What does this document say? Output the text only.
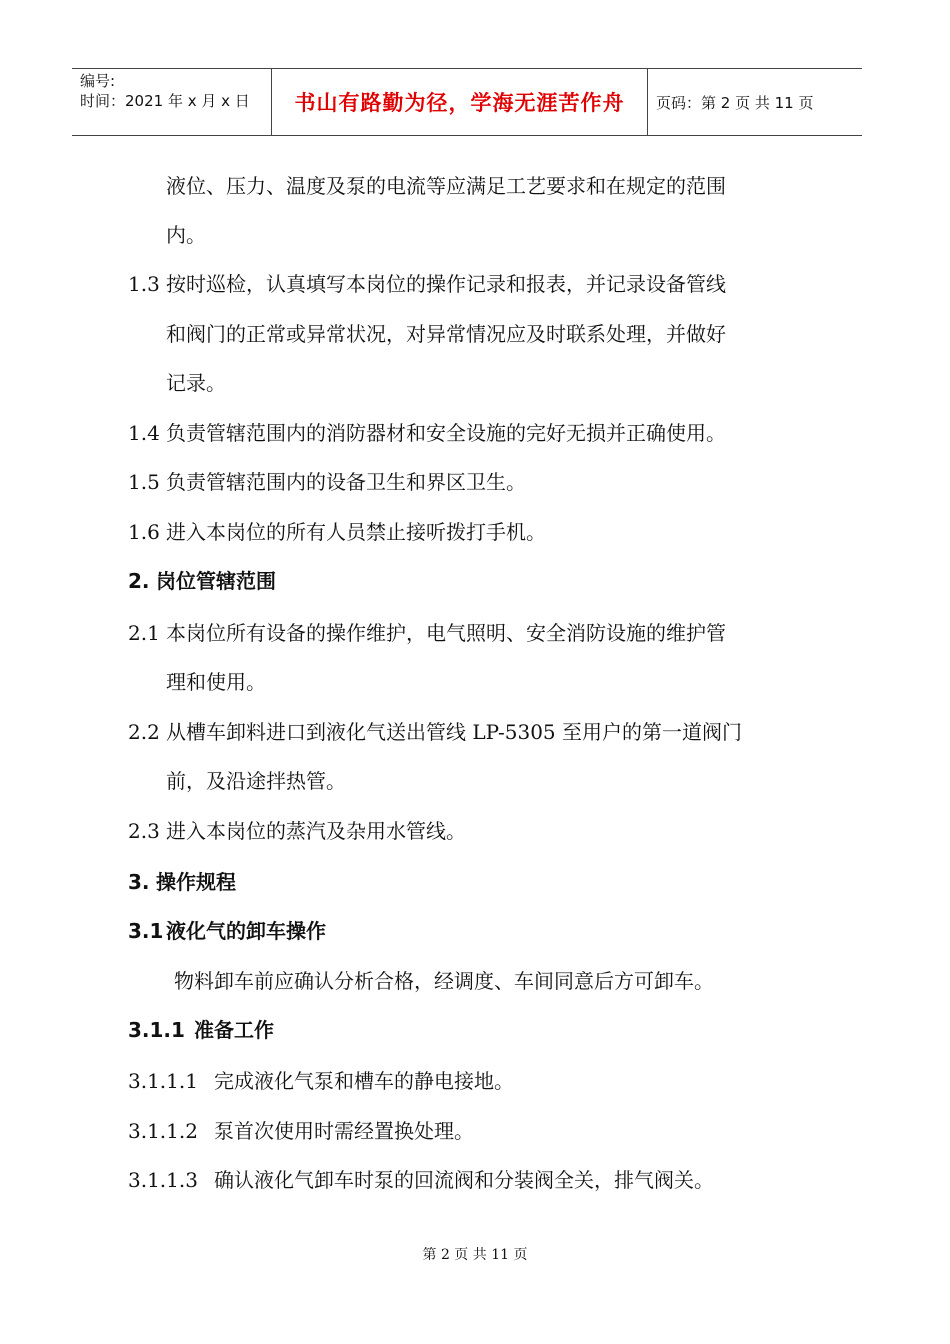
编号:
时间：2021 年 x 月 x 日	书山有路勤为径，学海无涯苦作舟	页码：第 2 页 共 11 页
液位、压力、温度及泵的电流等应满足工艺要求和在规定的范围
内。
1.3 按时巡检，认真填写本岗位的操作记录和报表，并记录设备管线
和阀门的正常或异常状况，对异常情况应及时联系处理，并做好
记录。
1.4 负责管辖范围内的消防器材和安全设施的完好无损并正确使用。
1.5 负责管辖范围内的设备卫生和界区卫生。
1.6 进入本岗位的所有人员禁止接听拨打手机。
2. 岗位管辖范围
2.1 本岗位所有设备的操作维护，电气照明、安全消防设施的维护管
理和使用。
2.2 从槽车卸料进口到液化气送出管线 LP-5305 至用户的第一道阀门
前，及沿途拌热管。
2.3 进入本岗位的蒸汽及杂用水管线。
3. 操作规程
3.1 液化气的卸车操作
物料卸车前应确认分析合格，经调度、车间同意后方可卸车。
3.1.1 准备工作
3.1.1.1 完成液化气泵和槽车的静电接地。
3.1.1.2 泵首次使用时需经置换处理。
3.1.1.3 确认液化气卸车时泵的回流阀和分装阀全关，排气阀关。
第 2 页 共 11 页
